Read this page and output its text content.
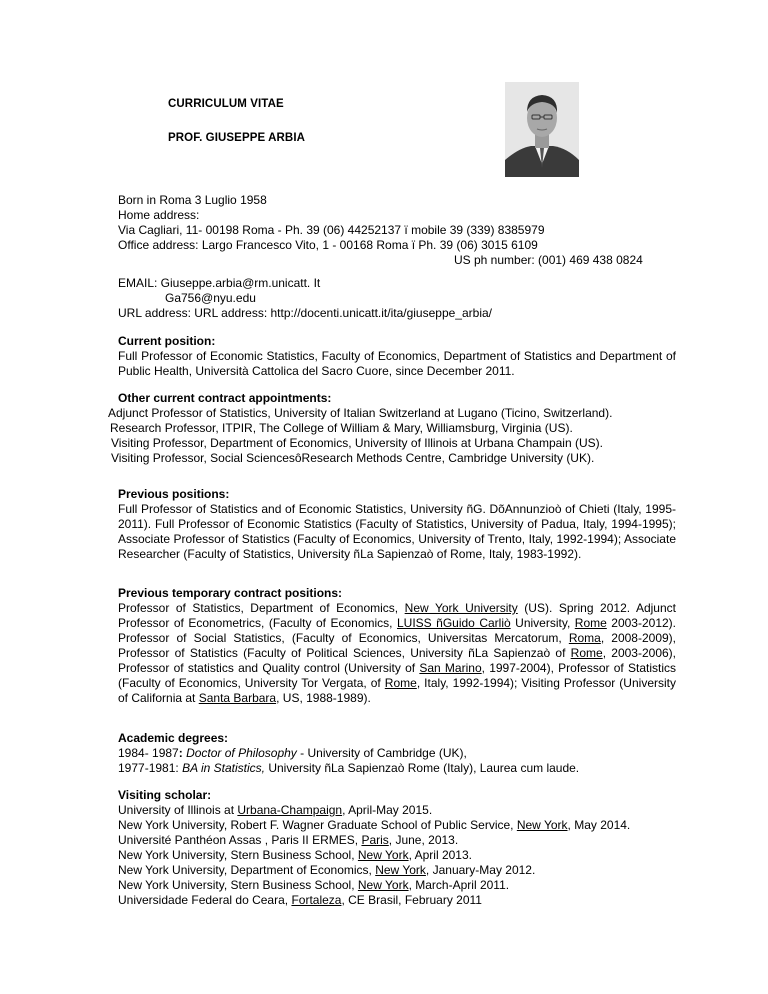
CURRICULUM VITAE
PROF. GIUSEPPE ARBIA
Born in Roma 3 Luglio 1958
Home address:
Via Cagliari, 11- 00198 Roma - Ph. 39 (06) 44252137 ï mobile 39 (339) 8385979
Office address: Largo Francesco Vito, 1 - 00168 Roma ï Ph. 39 (06) 3015 6109
US ph number: (001) 469 438 0824
EMAIL: Giuseppe.arbia@rm.unicatt. It
Ga756@nyu.edu
URL address: URL address: http://docenti.unicatt.it/ita/giuseppe_arbia/
Current position:
Full Professor of Economic Statistics, Faculty of Economics, Department of Statistics and Department of Public Health, Università Cattolica del Sacro Cuore, since December 2011.
Other current contract appointments:
Adjunct Professor of Statistics, University of Italian Switzerland at Lugano (Ticino, Switzerland).
Research Professor, ITPIR, The College of William & Mary, Williamsburg, Virginia (US).
Visiting Professor, Department of Economics, University of Illinois at Urbana Champain (US).
Visiting Professor, Social SciencesôResearch Methods Centre, Cambridge University (UK).
Previous positions:
Full Professor of Statistics and of Economic Statistics, University ñG. DõAnnunzioò of Chieti (Italy, 1995-2011). Full Professor of Economic Statistics (Faculty of Statistics, University of Padua, Italy, 1994-1995); Associate Professor of Statistics (Faculty of Economics, University of Trento, Italy, 1992-1994); Associate Researcher (Faculty of Statistics, University ñLa Sapienzaò of Rome, Italy, 1983-1992).
Previous temporary contract positions:
Professor of Statistics, Department of Economics, New York University (US). Spring 2012. Adjunct Professor of Econometrics, (Faculty of Economics, LUISS ñGuido Carliò University, Rome 2003-2012). Professor of Social Statistics, (Faculty of Economics, Universitas Mercatorum, Roma, 2008-2009), Professor of Statistics (Faculty of Political Sciences, University ñLa Sapienzaò of Rome, 2003-2006), Professor of statistics and Quality control (University of San Marino, 1997-2004), Professor of Statistics (Faculty of Economics, University Tor Vergata, of Rome, Italy, 1992-1994); Visiting Professor (University of California at Santa Barbara, US, 1988-1989).
Academic degrees:
1984- 1987: Doctor of Philosophy - University of Cambridge (UK),
1977-1981: BA in Statistics, University ñLa Sapienzaò Rome (Italy), Laurea cum laude.
Visiting scholar:
University of Illinois at Urbana-Champaign, April-May 2015.
New York University, Robert F. Wagner Graduate School of Public Service, New York, May 2014.
Université Panthéon Assas , Paris II ERMES, Paris, June, 2013.
New York University, Stern Business School, New York, April 2013.
New York University, Department of Economics, New York, January-May 2012.
New York University, Stern Business School, New York, March-April 2011.
Universidade Federal do Ceara, Fortaleza, CE Brasil, February 2011
